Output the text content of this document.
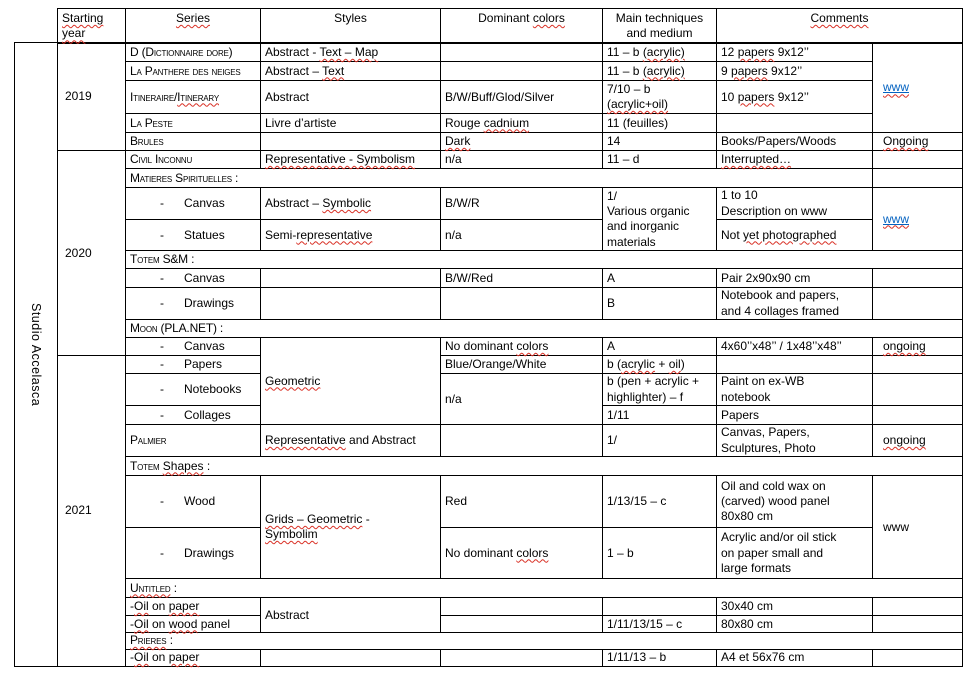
	Starting
year	Series	Styles	Dominant colors	Main techniques
and medium	Comments	
Studio Accelasca	2019	D (Dictionnaire dore)	Abstract - Text – Map		11 – b (acrylic)	12 papers 9x12’’	www
		La Panthere des neiges	Abstract – Text		11 – b (acrylic)	9 papers 9x12’’	
		Itineraire/Itinerary	Abstract	B/W/Buff/Glod/Silver	7/10 – b
(acrylic+oil)	10 papers 9x12’’	
		La Peste	Livre d’artiste	Rouge cadnium	11 (feuilles)		
		Brules		Dark	14	Books/Papers/Woods	Ongoing
	2020	Civil Inconnu	Representative - Symbolism	n/a	11 – d	Interrupted…	
		Matieres Spirituelles :					
		-      Canvas	Abstract – Symbolic	B/W/R	1/
Various organic
and inorganic
materials	1 to 10
Description on www	www
		-      Statues	Semi-representative	n/a		Not yet photographed	
		Totem S&M :					
		-      Canvas		B/W/Red	A	Pair 2x90x90 cm	
		-      Drawings			B	Notebook and papers,
and 4 collages framed	
		Moon (PLA.NET) :					
		-      Canvas	Geometric	No dominant colors	A	4x60’’x48’’ / 1x48’’x48’’	ongoing
	2021	-      Papers		Blue/Orange/White	b (acrylic + oil)		
		-      Notebooks		n/a	b (pen + acrylic +
highlighter) – f	Paint on ex-WB
notebook	
		-      Collages			1/11	Papers	
		Palmier	Representative and Abstract		1/	Canvas, Papers,
Sculptures, Photo	ongoing
		Totem Shapes :					
		-      Wood	Grids – Geometric -
Symbolim	Red	1/13/15 – c	Oil and cold wax on
(carved) wood panel
80x80 cm	www
		-      Drawings		No dominant colors	1 – b	Acrylic and/or oil stick
on paper small and
large formats	
		Untitled :					
		-Oil on paper	Abstract			30x40 cm	
		-Oil on wood panel			1/11/13/15 – c	80x80 cm	
		Prieres :					
		-Oil on paper			1/11/13 – b	A4 et 56x76 cm	
